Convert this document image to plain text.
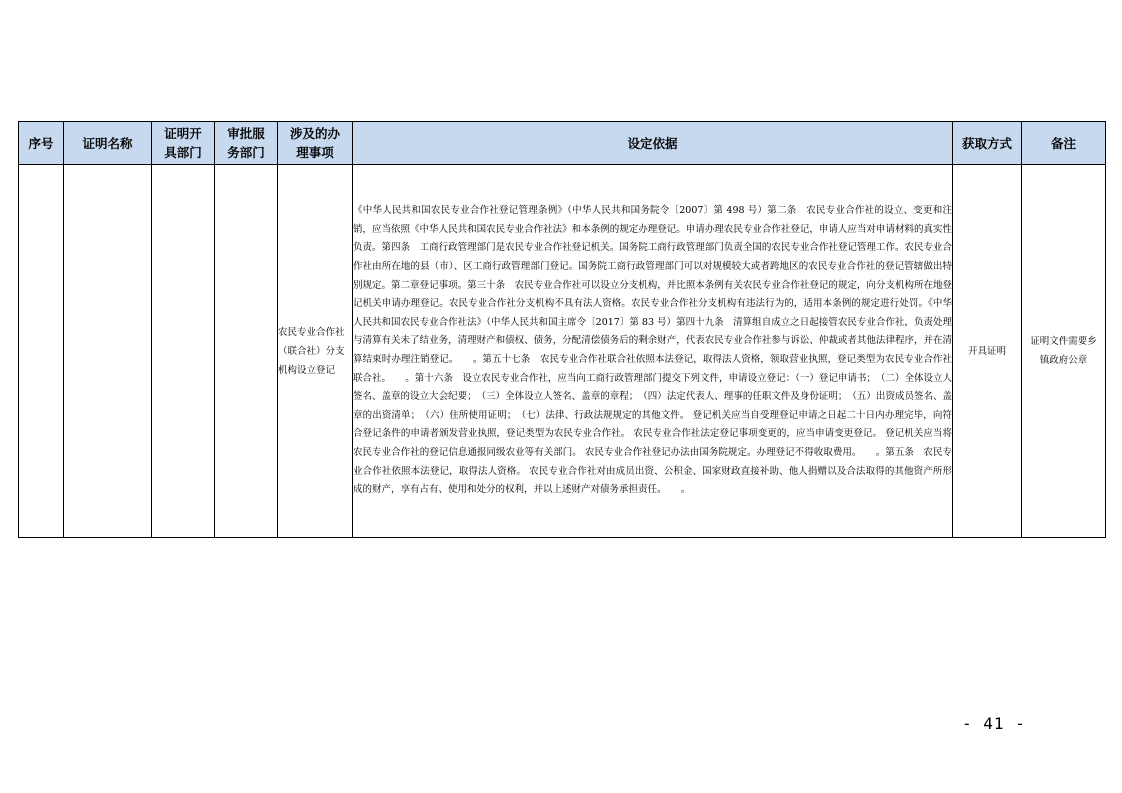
序号	证明名称	证明开具部门	审批服务部门	涉及的办理事项	设定依据	获取方式	备注
				农民专业合作社（联合社）分支机构设立登记	《中华人民共和国农民专业合作社登记管理条例》（中华人民共和国务院令〔2007〕第 498 号）第二条　农民专业合作社的设立、变更和注销，应当依照《中华人民共和国农民专业合作社法》和本条例的规定办理登记。申请办理农民专业合作社登记，申请人应当对申请材料的真实性负责。第四条　工商行政管理部门是农民专业合作社登记机关。国务院工商行政管理部门负责全国的农民专业合作社登记管理工作。农民专业合作社由所在地的县（市）、区工商行政管理部门登记。国务院工商行政管理部门可以对规模较大或者跨地区的农民专业合作社的登记管辖做出特别规定。第二章登记事项。第三十条　农民专业合作社可以设立分支机构，并比照本条例有关农民专业合作社登记的规定，向分支机构所在地登记机关申请办理登记。农民专业合作社分支机构不具有法人资格。农民专业合作社分支机构有违法行为的，适用本条例的规定进行处罚。《中华人民共和国农民专业合作社法》（中华人民共和国主席令〔2017〕第 83 号）第四十九条　清算组自成立之日起接管农民专业合作社，负责处理与清算有关未了结业务，清理财产和债权、债务，分配清偿债务后的剩余财产，代表农民专业合作社参与诉讼、仲裁或者其他法律程序，并在清算结束时办理注销登记。　　。第五十七条　农民专业合作社联合社依照本法登记，取得法人资格，领取营业执照，登记类型为农民专业合作社联合社。　　。第十六条　设立农民专业合作社，应当向工商行政管理部门提交下列文件，申请设立登记：（一）登记申请书；　（二）全体设立人签名、盖章的设立大会纪要；　（三）全体设立人签名、盖章的章程；　（四）法定代表人、理事的任职文件及身份证明；　（五）出资成员签名、盖章的出资清单；　（六）住所使用证明；　（七）法律、行政法规规定的其他文件。 登记机关应当自受理登记申请之日起二十日内办理完毕，向符合登记条件的申请者颁发营业执照，登记类型为农民专业合作社。 农民专业合作社法定登记事项变更的，应当申请变更登记。 登记机关应当将农民专业合作社的登记信息通报同级农业等有关部门。 农民专业合作社登记办法由国务院规定。办理登记不得收取费用。　　。第五条　农民专业合作社依照本法登记，取得法人资格。 农民专业合作社对由成员出资、公积金、国家财政直接补助、他人捐赠以及合法取得的其他资产所形成的财产，享有占有、使用和处分的权利，并以上述财产对债务承担责任。　　。	开具证明	证明文件需要乡镇政府公章
- 41 -
